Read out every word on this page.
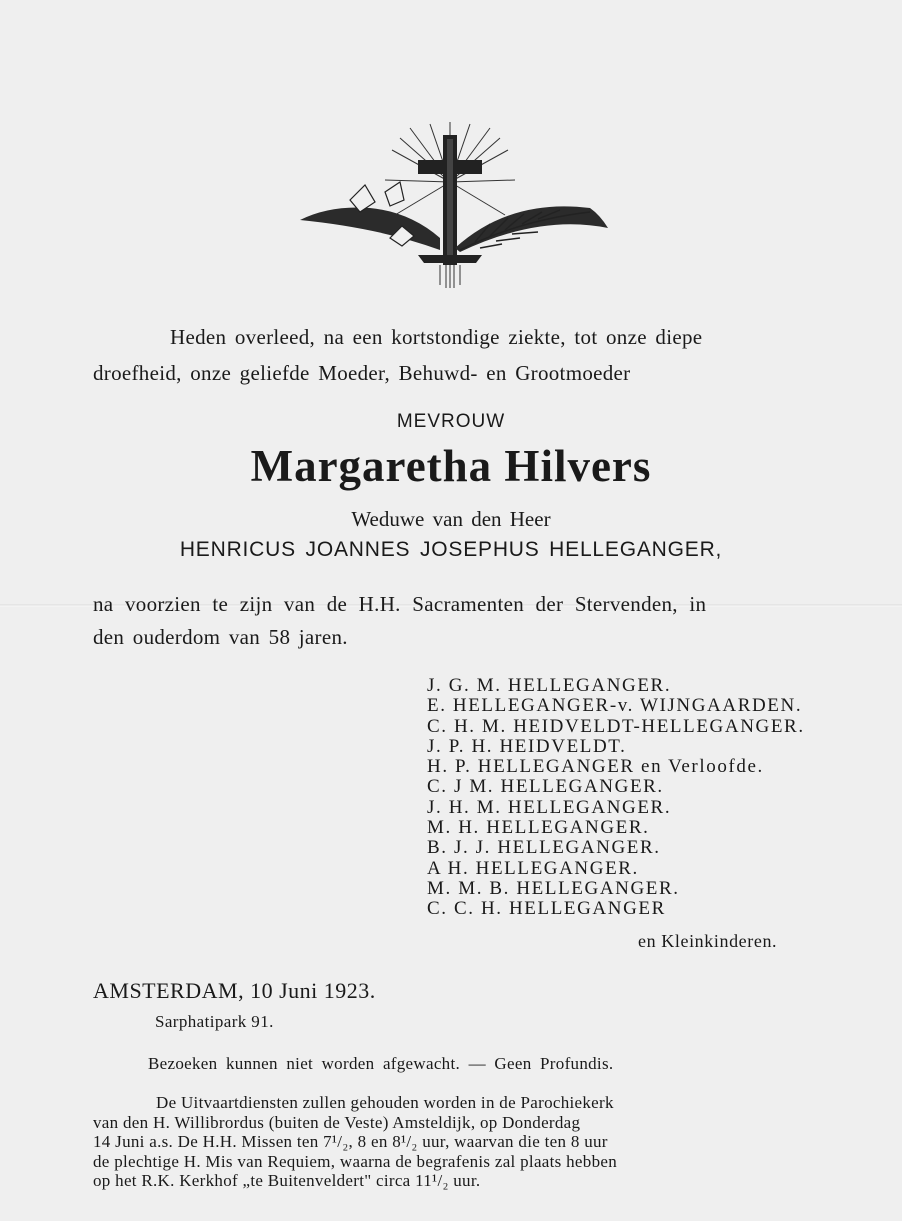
Heden overleed, na een kortstondige ziekte, tot onze diepe

droefheid, onze geliefde Moeder, Behuwd- en Grootmoeder

MEVROUW

Margaretha Hilvers

Weduwe van den Heer

HENRICUS JOANNES JOSEPHUS HELLEGANGER,

na voorzien te zijn van de H.H. Sacramenten der Stervenden, in

den ouderdom van 58 jaren.

J. G. M. HELLEGANGER.
E. HELLEGANGER-v. WIJNGAARDEN.
C. H. M. HEIDVELDT-HELLEGANGER.
J. P. H. HEIDVELDT.
H. P. HELLEGANGER en Verloofde.
C. J M. HELLEGANGER.
J. H. M. HELLEGANGER.
M. H. HELLEGANGER.
B. J. J. HELLEGANGER.
A H. HELLEGANGER.
M. M. B. HELLEGANGER.
C. C. H. HELLEGANGER

en Kleinkinderen.

AMSTERDAM, 10 Juni 1923.

Sarphatipark 91.

Bezoeken kunnen niet worden afgewacht. — Geen Profundis.

De Uitvaartdiensten zullen gehouden worden in de Parochiekerk
van den H. Willibrordus (buiten de Veste) Amsteldijk, op Donderdag
14 Juni a.s. De H.H. Missen ten 7¹/₂, 8 en 8¹/₂ uur, waarvan die ten 8 uur
de plechtige H. Mis van Requiem, waarna de begrafenis zal plaats hebben
op het R.K. Kerkhof „te Buitenveldert" circa 11¹/₂ uur.
